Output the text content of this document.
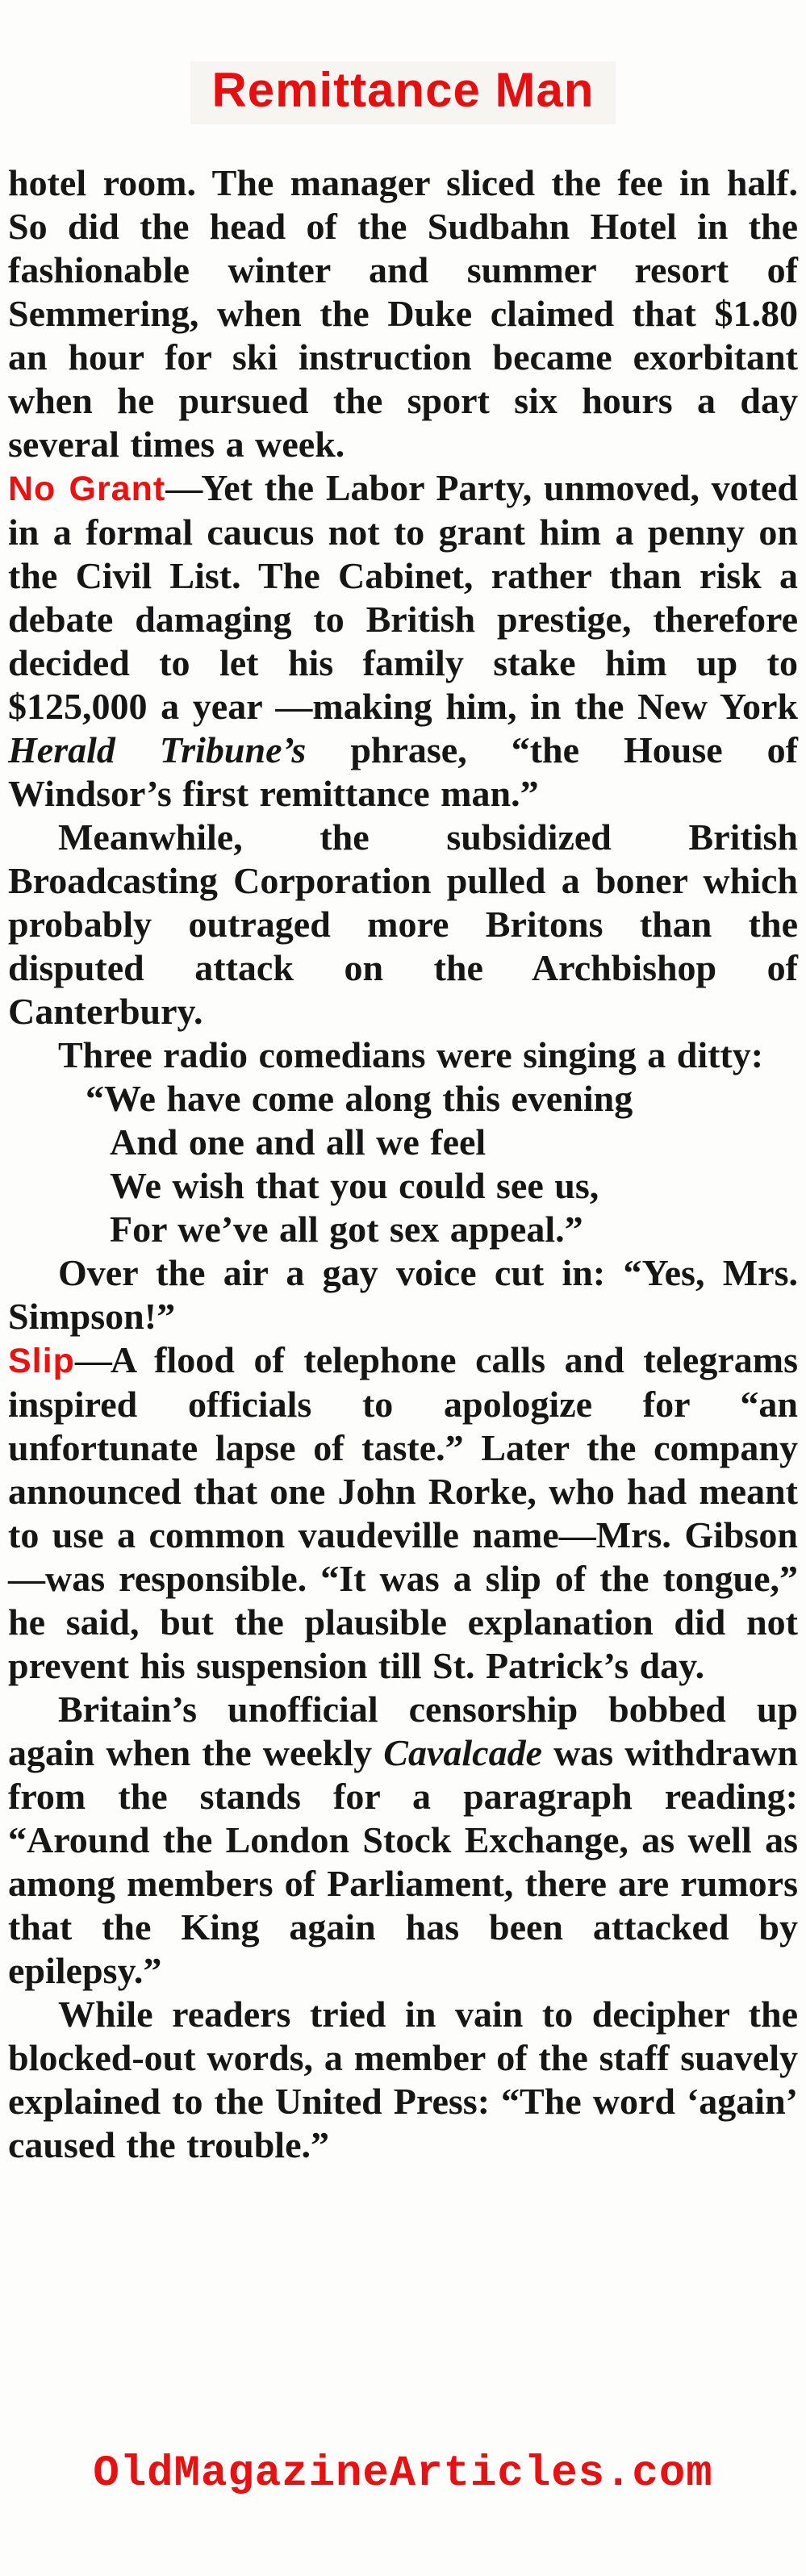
Remittance Man

hotel room. The manager sliced the fee in half. So did the head of the Sudbahn Hotel in the fashionable winter and summer resort of Semmering, when the Duke claimed that $1.80 an hour for ski instruction became exorbitant when he pursued the sport six hours a day several times a week.

No Grant—Yet the Labor Party, unmoved, voted in a formal caucus not to grant him a penny on the Civil List. The Cabinet, rather than risk a debate damaging to British prestige, therefore decided to let his family stake him up to $125,000 a year —making him, in the New York Herald Tribune’s phrase, “the House of Windsor’s first remittance man.”

Meanwhile, the subsidized British Broadcasting Corporation pulled a boner which probably outraged more Britons than the disputed attack on the Archbishop of Canterbury.

Three radio comedians were singing a ditty:

“We have come along this evening

And one and all we feel

We wish that you could see us,

For we’ve all got sex appeal.”

Over the air a gay voice cut in: “Yes, Mrs. Simpson!”

Slip—A flood of telephone calls and telegrams inspired officials to apologize for “an unfortunate lapse of taste.” Later the company announced that one John Rorke, who had meant to use a common vaudeville name—Mrs. Gibson—was responsible. “It was a slip of the tongue,” he said, but the plausible explanation did not prevent his suspension till St. Patrick’s day.

Britain’s unofficial censorship bobbed up again when the weekly Cavalcade was withdrawn from the stands for a paragraph reading: “Around the London Stock Exchange, as well as among members of Parliament, there are rumors that the King again has been attacked by epilepsy.”

While readers tried in vain to decipher the blocked-out words, a member of the staff suavely explained to the United Press: “The word ‘again’ caused the trouble.”

OldMagazineArticles.com
